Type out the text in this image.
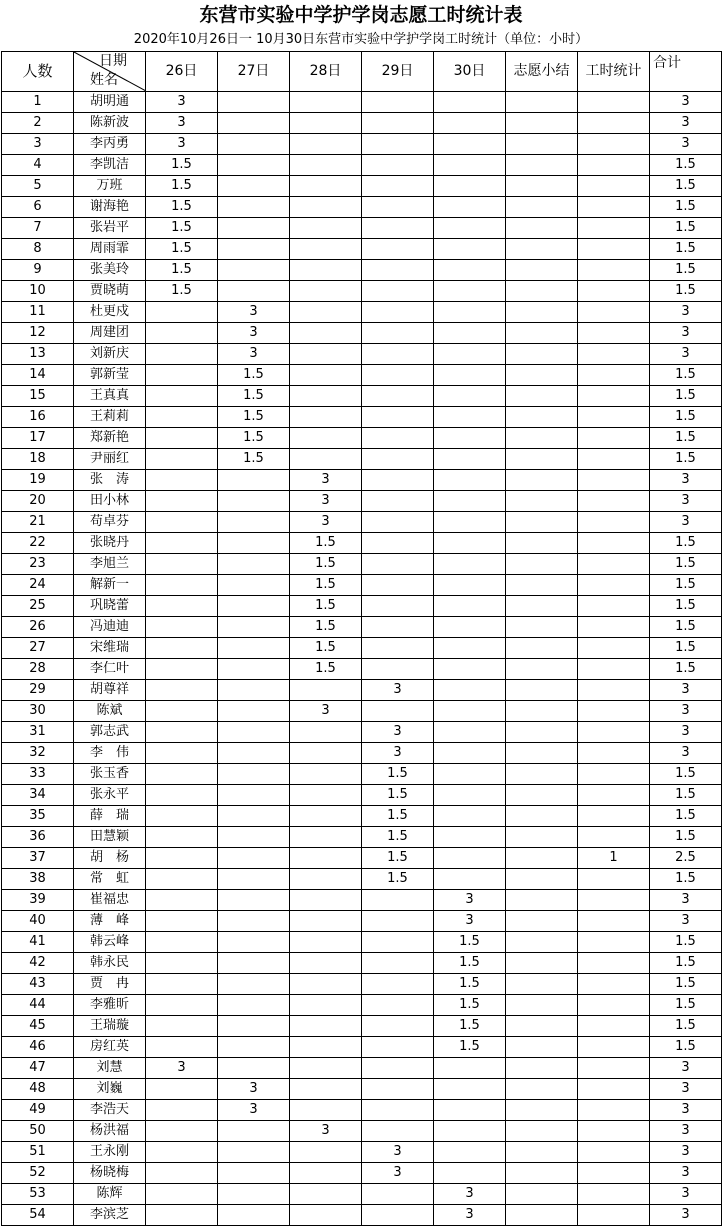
东营市实验中学护学岗志愿工时统计表
2020年10月26日一 10月30日东营市实验中学护学岗工时统计（单位：小时）
人数	日期
姓名	26日	27日	28日	29日	30日	志愿小结	工时统计	合计
1	胡明通	3							3
2	陈新波	3							3
3	李丙勇	3							3
4	李凯洁	1.5							1.5
5	万班	1.5							1.5
6	谢海艳	1.5							1.5
7	张岩平	1.5							1.5
8	周雨霏	1.5							1.5
9	张美玲	1.5							1.5
10	贾晓萌	1.5							1.5
11	杜更戍		3						3
12	周建团		3						3
13	刘新庆		3						3
14	郭新莹		1.5						1.5
15	王真真		1.5						1.5
16	王莉莉		1.5						1.5
17	郑新艳		1.5						1.5
18	尹丽红		1.5						1.5
19	张　涛			3					3
20	田小林			3					3
21	苟卓芬			3					3
22	张晓丹			1.5					1.5
23	李旭兰			1.5					1.5
24	解新一			1.5					1.5
25	巩晓蕾			1.5					1.5
26	冯迪迪			1.5					1.5
27	宋维瑞			1.5					1.5
28	李仁叶			1.5					1.5
29	胡尊祥				3				3
30	陈斌			3					3
31	郭志武				3				3
32	李　伟				3				3
33	张玉香				1.5				1.5
34	张永平				1.5				1.5
35	薛　瑞				1.5				1.5
36	田慧颖				1.5				1.5
37	胡　杨				1.5			1	2.5
38	常　虹				1.5				1.5
39	崔福忠					3			3
40	薄　峰					3			3
41	韩云峰					1.5			1.5
42	韩永民					1.5			1.5
43	贾　冉					1.5			1.5
44	李雅昕					1.5			1.5
45	王瑞璇					1.5			1.5
46	房红英					1.5			1.5
47	刘慧	3							3
48	刘巍		3						3
49	李浩天		3						3
50	杨洪福			3					3
51	王永刚				3				3
52	杨晓梅				3				3
53	陈辉					3			3
54	李滨芝					3			3
